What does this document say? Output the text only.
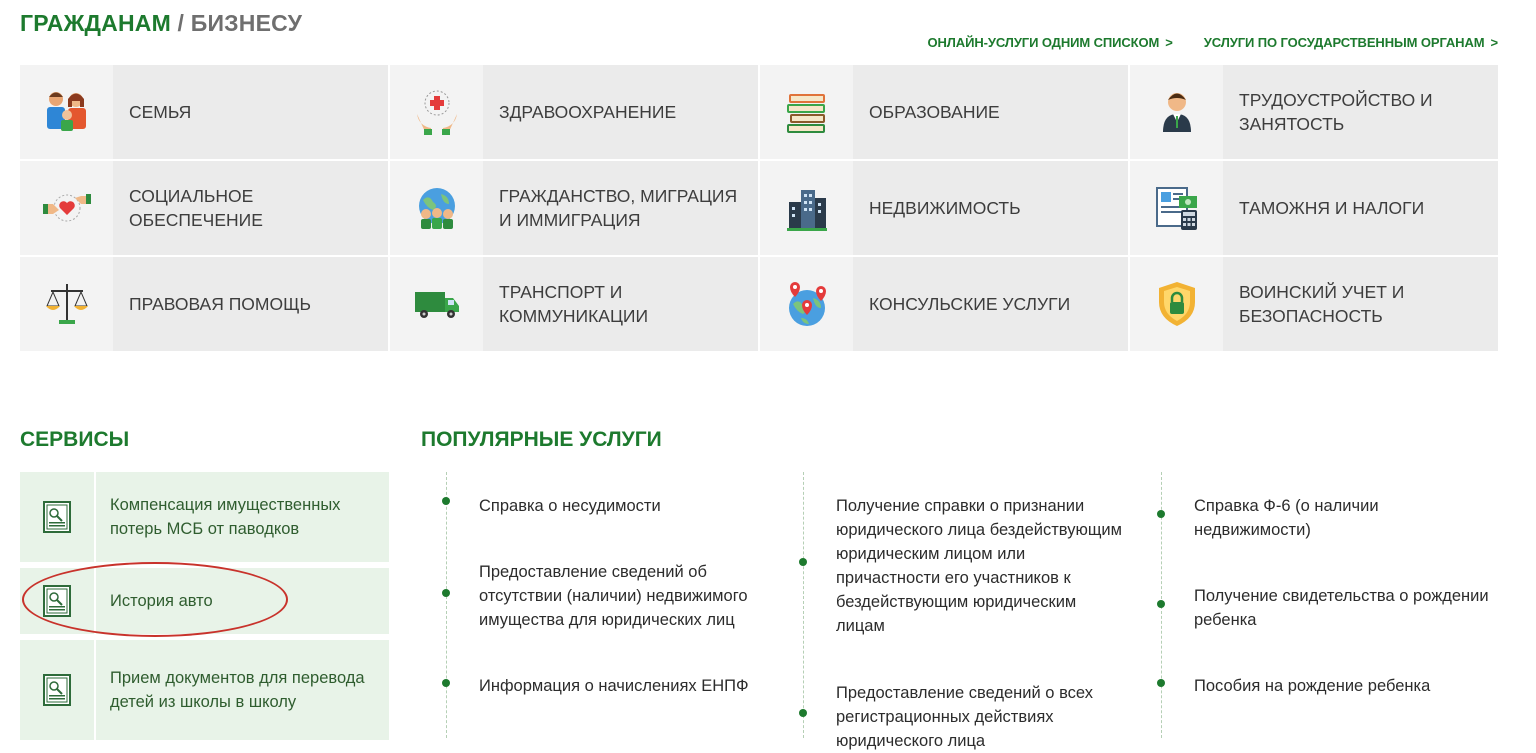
ГРАЖДАНАМ / БИЗНЕСУ
ОНЛАЙН-УСЛУГИ ОДНИМ СПИСКОМ > УСЛУГИ ПО ГОСУДАРСТВЕННЫМ ОРГАНАМ >
СЕМЬЯ	ЗДРАВООХРАНЕНИЕ	ОБРАЗОВАНИЕ
ТРУДОУСТРОЙСТВО И ЗАНЯТОСТЬ
СОЦИАЛЬНОЕ ОБЕСПЕЧЕНИЕ
ГРАЖДАНСТВО, МИГРАЦИЯ И ИММИГРАЦИЯ
НЕДВИЖИМОСТЬ	ТАМОЖНЯ И НАЛОГИ
ПРАВОВАЯ ПОМОЩЬ
ТРАНСПОРТ И КОММУНИКАЦИИ
КОНСУЛЬСКИЕ УСЛУГИ
ВОИНСКИЙ УЧЕТ И БЕЗОПАСНОСТЬ
СЕРВИСЫ	ПОПУЛЯРНЫЕ УСЛУГИ
Компенсация имущественных потерь МСБ от паводков
История авто
Прием документов для перевода детей из школы в школу
Справка о несудимости
Предоставление сведений об отсутствии (наличии) недвижимого имущества для юридических лиц
Информация о начислениях ЕНПФ
Получение справки о признании юридического лица бездействующим юридическим лицом или причастности его участников к бездействующим юридическим лицам
Предоставление сведений о всех регистрационных действиях юридического лица
Справка Ф-6 (о наличии недвижимости)
Получение свидетельства о рождении ребенка
Пособия на рождение ребенка
